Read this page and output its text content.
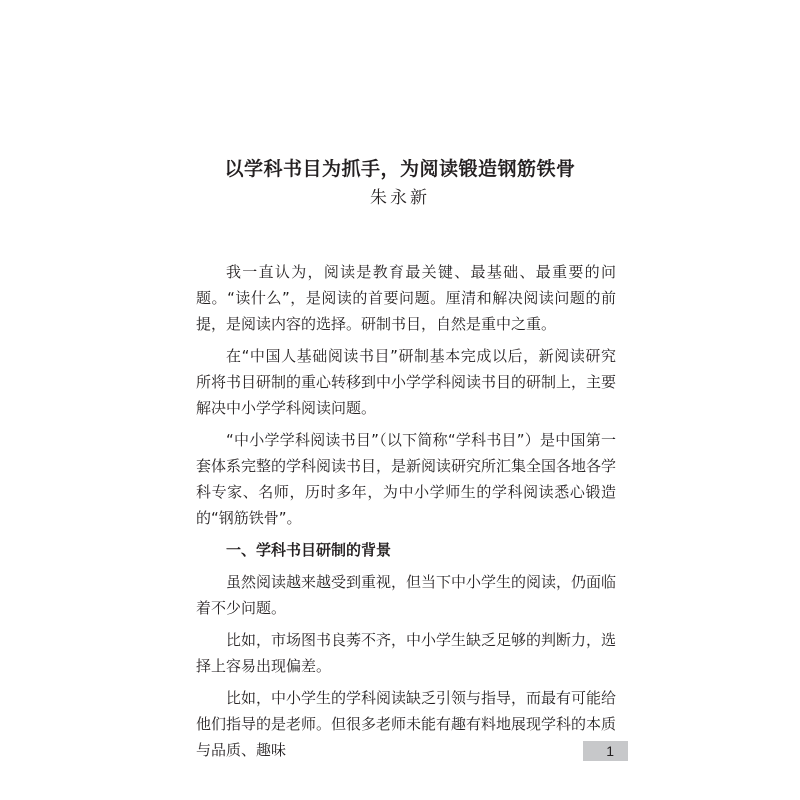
以学科书目为抓手，为阅读锻造钢筋铁骨
朱永新

我一直认为，阅读是教育最关键、最基础、最重要的问题。“读什么”，是阅读的首要问题。厘清和解决阅读问题的前提，是阅读内容的选择。研制书目，自然是重中之重。

在“中国人基础阅读书目”研制基本完成以后，新阅读研究所将书目研制的重心转移到中小学学科阅读书目的研制上，主要解决中小学学科阅读问题。

“中小学学科阅读书目”（以下简称“学科书目”）是中国第一套体系完整的学科阅读书目，是新阅读研究所汇集全国各地各学科专家、名师，历时多年，为中小学师生的学科阅读悉心锻造的“钢筋铁骨”。

一、学科书目研制的背景

虽然阅读越来越受到重视，但当下中小学生的阅读，仍面临着不少问题。

比如，市场图书良莠不齐，中小学生缺乏足够的判断力，选择上容易出现偏差。

比如，中小学生的学科阅读缺乏引领与指导，而最有可能给他们指导的是老师。但很多老师未能有趣有料地展现学科的本质与品质、趣味	1
